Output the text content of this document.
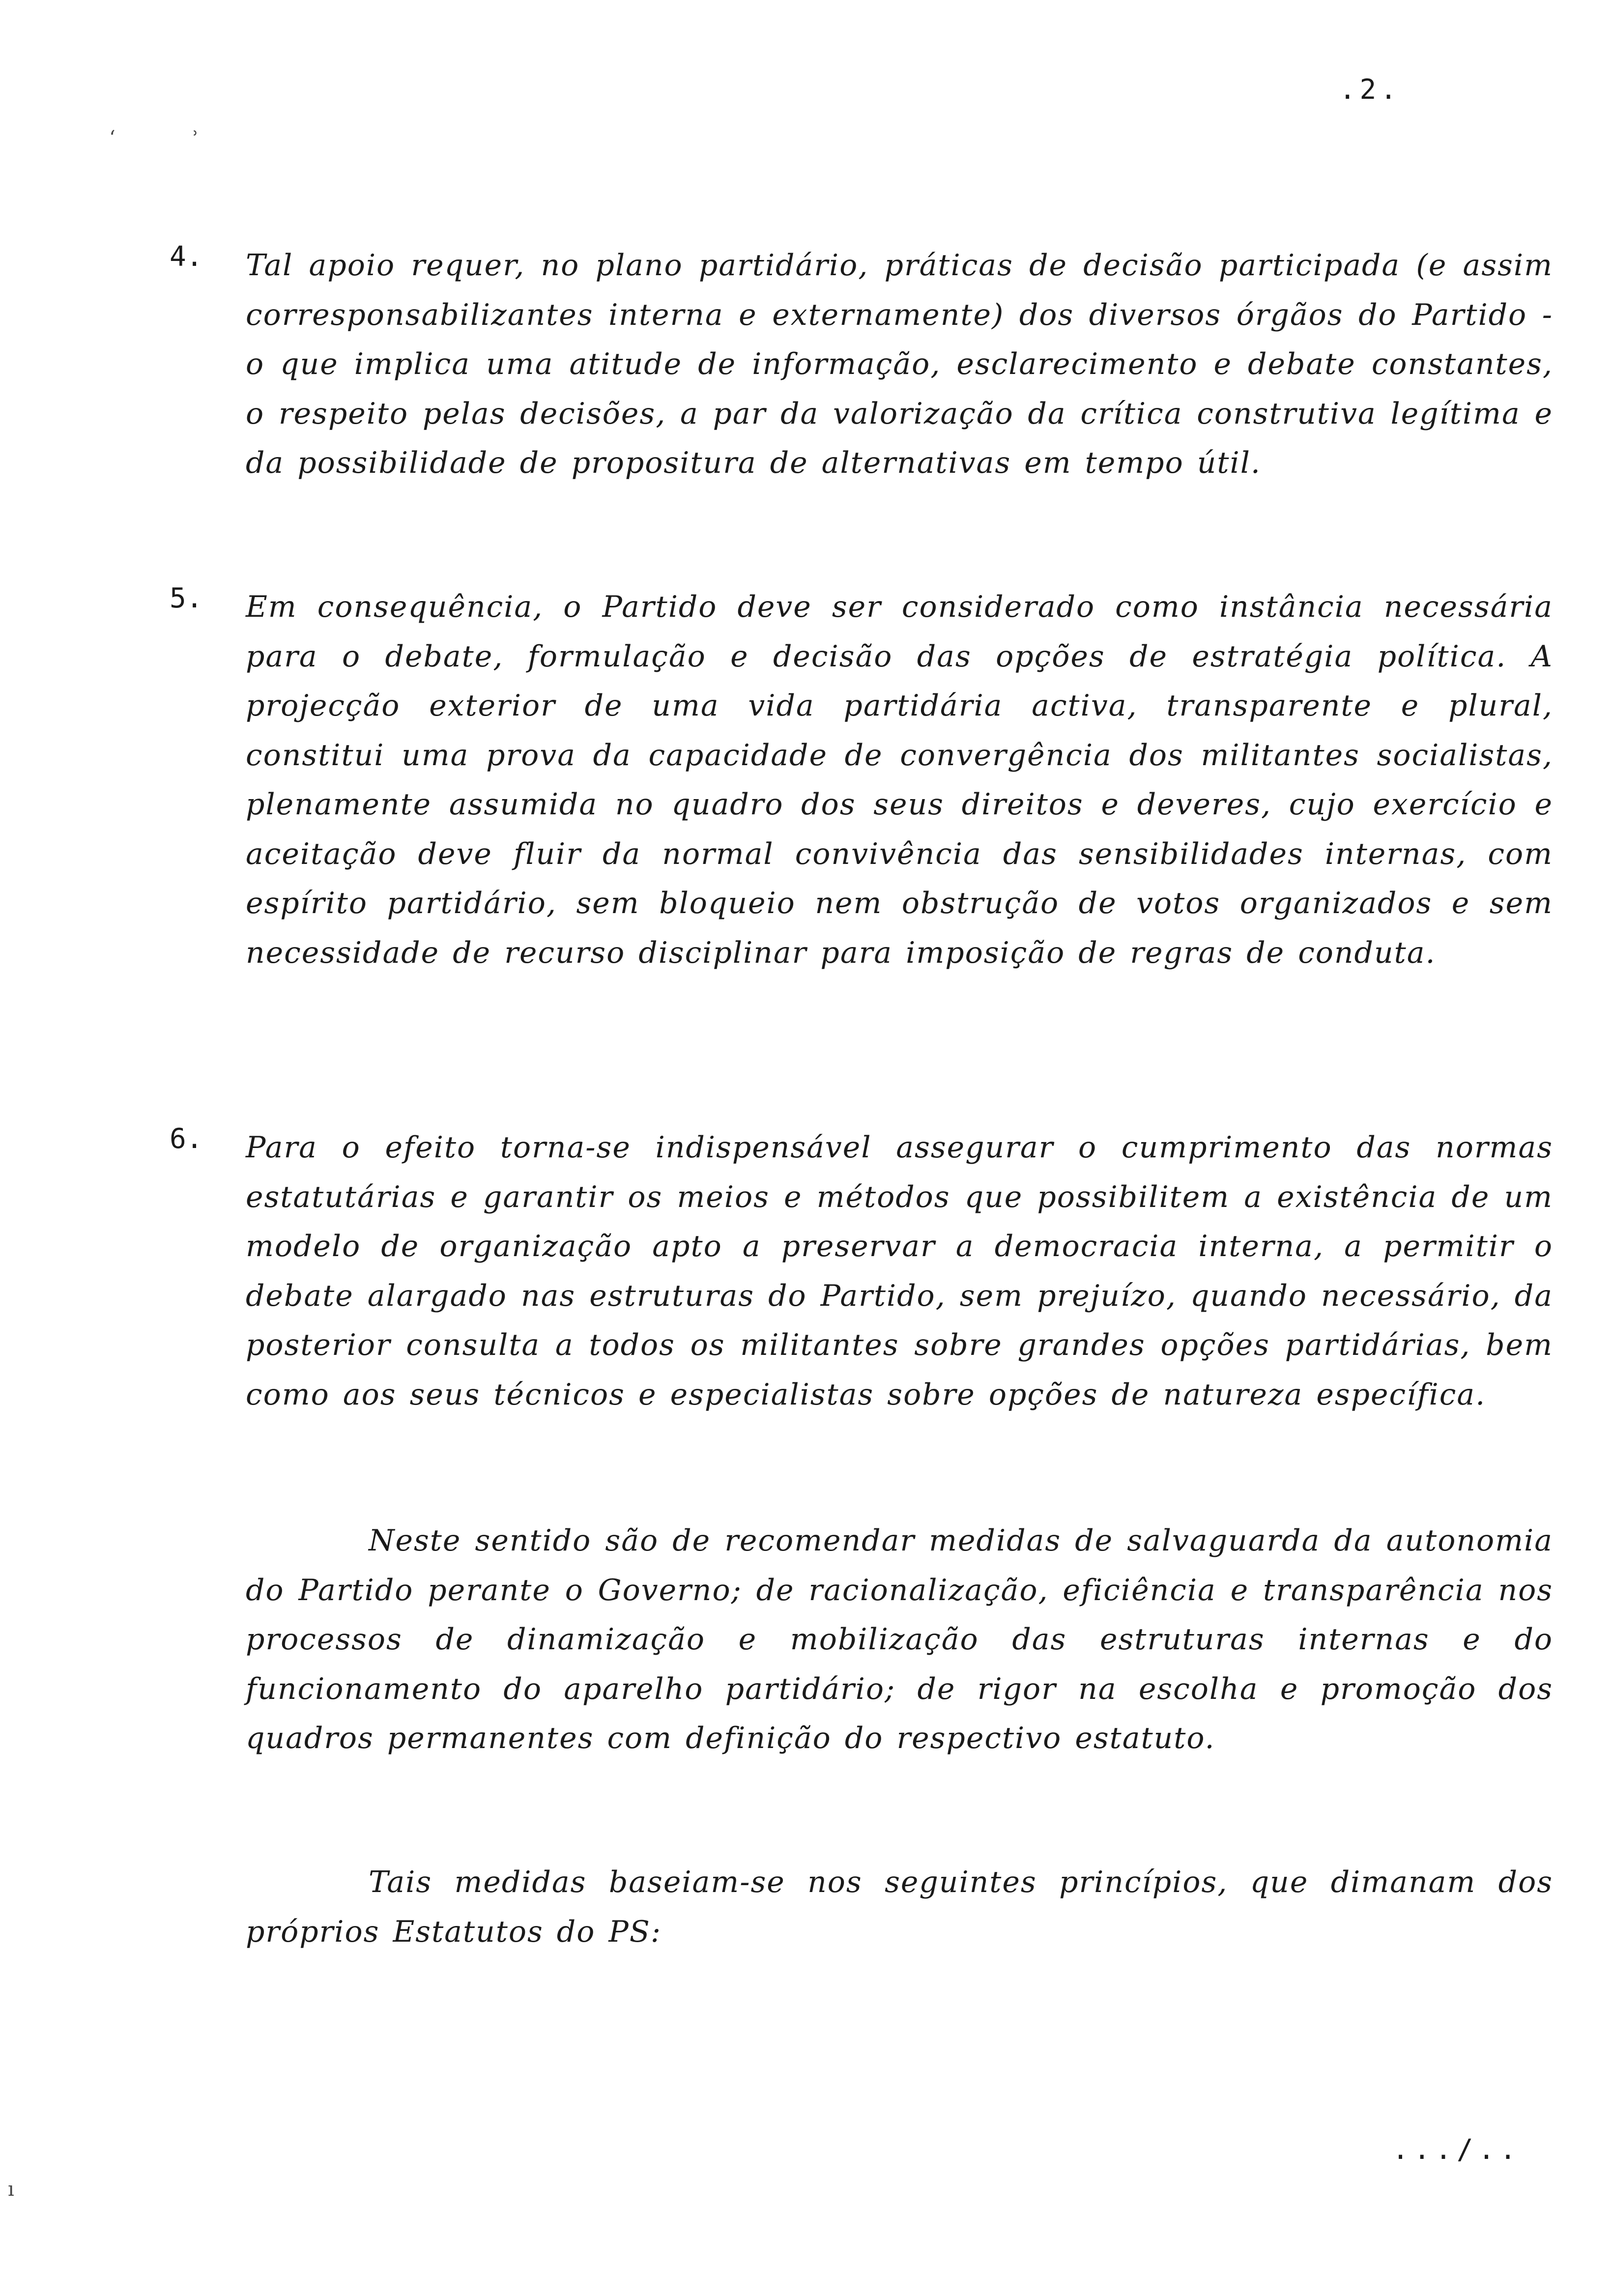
.2.
‘	˒
ı
4. Tal apoio requer, no plano partidário, práticas de decisão participada (e assim corresponsabilizantes interna e externamente) dos diversos órgãos do Partido - o que implica uma atitude de informação, esclarecimento e debate constantes, o respeito pelas decisões, a par da valorização da crítica construtiva legítima e da possibilidade de propositura de alternativas em tempo útil.

5. Em consequência, o Partido deve ser considerado como instância necessária para o debate, formulação e decisão das opções de estratégia política. A projecção exterior de uma vida partidária activa, transparente e plural, constitui uma prova da capacidade de convergência dos militantes socialistas, plenamente assumida no quadro dos seus direitos e deveres, cujo exercício e aceitação deve fluir da normal convivência das sensibilidades internas, com espírito partidário, sem bloqueio nem obstrução de votos organizados e sem necessidade de recurso disciplinar para imposição de regras de conduta.

6. Para o efeito torna-se indispensável assegurar o cumprimento das normas estatutárias e garantir os meios e métodos que possibilitem a existência de um modelo de organização apto a preservar a democracia interna, a permitir o debate alargado nas estruturas do Partido, sem prejuízo, quando necessário, da posterior consulta a todos os militantes sobre grandes opções partidárias, bem como aos seus técnicos e especialistas sobre opções de natureza específica.

Neste sentido são de recomendar medidas de salvaguarda da autonomia do Partido perante o Governo; de racionalização, eficiência e transparência nos processos de dinamização e mobilização das estruturas internas e do funcionamento do aparelho partidário; de rigor na escolha e promoção dos quadros permanentes com definição do respectivo estatuto.

Tais medidas baseiam-se nos seguintes princípios, que dimanam dos próprios Estatutos do PS:

.../..
